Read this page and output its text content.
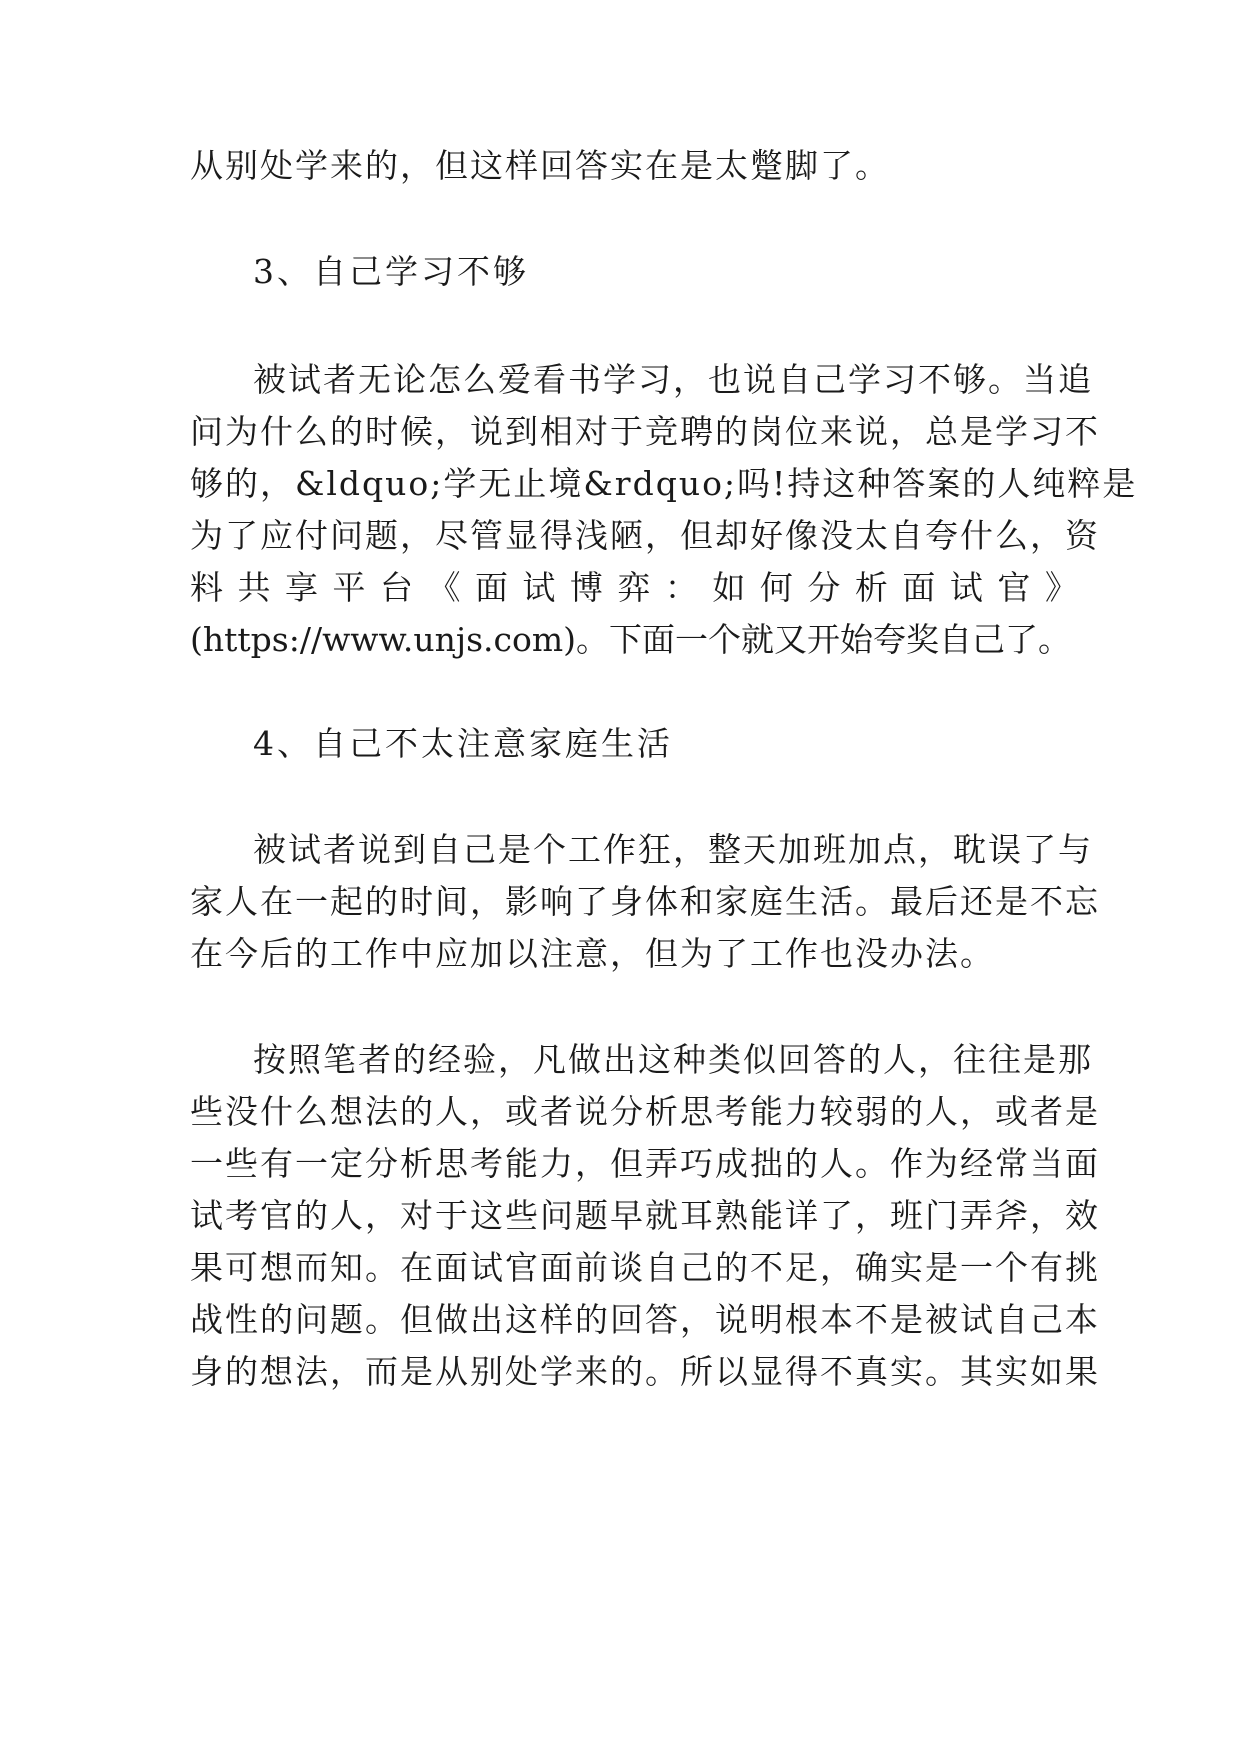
从别处学来的，但这样回答实在是太蹩脚了。
3、自己学习不够
被试者无论怎么爱看书学习，也说自己学习不够。当追
问为什么的时候，说到相对于竞聘的岗位来说，总是学习不
够的，&ldquo;学无止境&rdquo;吗!持这种答案的人纯粹是
为了应付问题，尽管显得浅陋，但却好像没太自夸什么，资
料 共 享 平 台 《 面 试 博 弈 ： 如 何 分 析 面 试 官 》
(https://www.unjs.com)。下面一个就又开始夸奖自己了。
4、自己不太注意家庭生活
被试者说到自己是个工作狂，整天加班加点，耽误了与
家人在一起的时间，影响了身体和家庭生活。最后还是不忘
在今后的工作中应加以注意，但为了工作也没办法。
按照笔者的经验，凡做出这种类似回答的人，往往是那
些没什么想法的人，或者说分析思考能力较弱的人，或者是
一些有一定分析思考能力，但弄巧成拙的人。作为经常当面
试考官的人，对于这些问题早就耳熟能详了，班门弄斧，效
果可想而知。在面试官面前谈自己的不足，确实是一个有挑
战性的问题。但做出这样的回答，说明根本不是被试自己本
身的想法，而是从别处学来的。所以显得不真实。其实如果
